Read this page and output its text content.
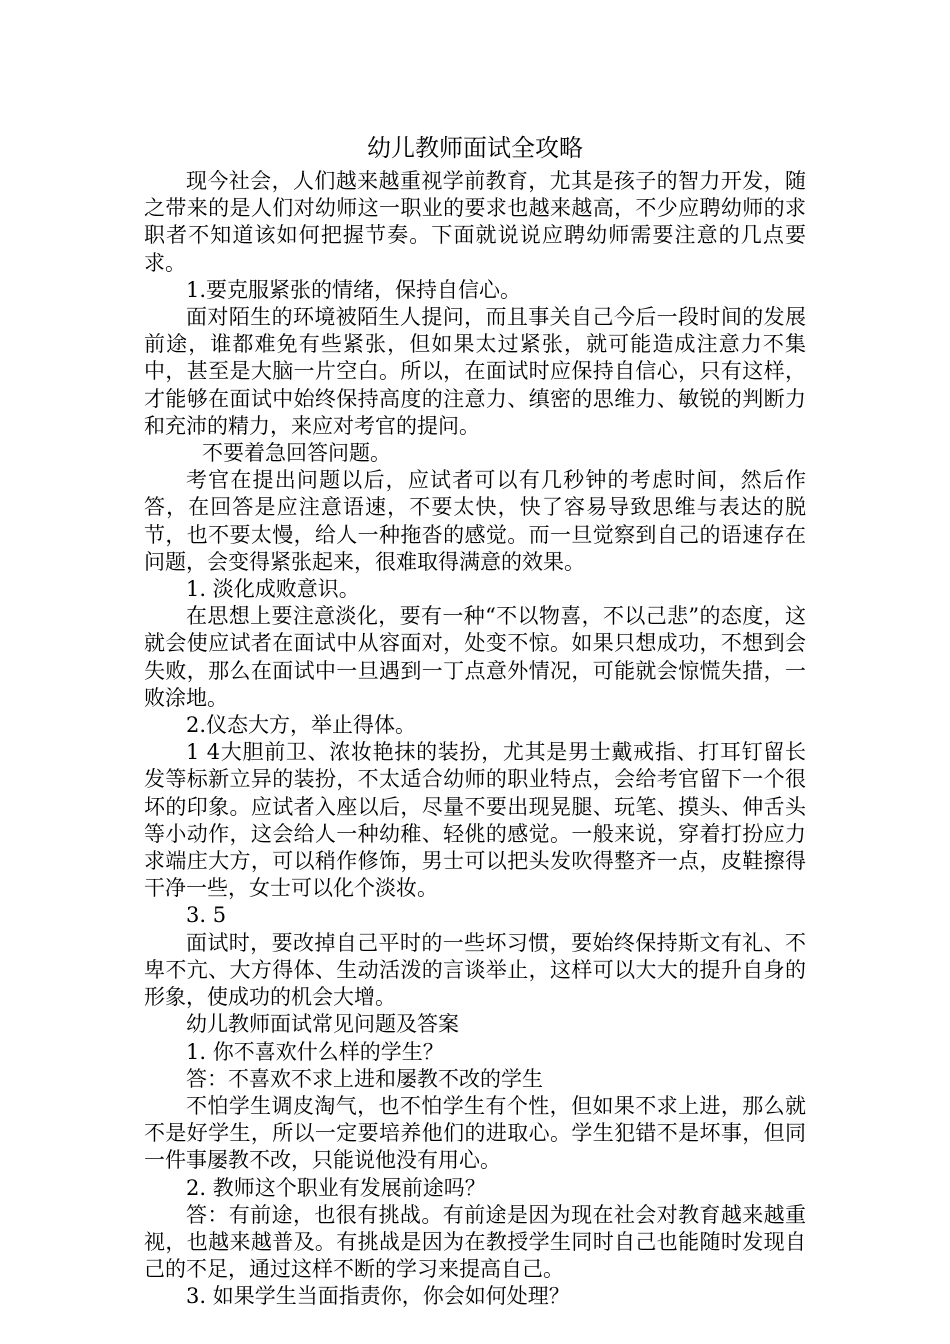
幼儿教师面试全攻略

现今社会，人们越来越重视学前教育，尤其是孩子的智力开发，随之带来的是人们对幼师这一职业的要求也越来越高，不少应聘幼师的求职者不知道该如何把握节奏。下面就说说应聘幼师需要注意的几点要求。

1.要克服紧张的情绪，保持自信心。

面对陌生的环境被陌生人提问，而且事关自己今后一段时间的发展前途，谁都难免有些紧张，但如果太过紧张，就可能造成注意力不集中，甚至是大脑一片空白。所以，在面试时应保持自信心，只有这样，才能够在面试中始终保持高度的注意力、缜密的思维力、敏锐的判断力和充沛的精力，来应对考官的提问。

不要着急回答问题。

考官在提出问题以后，应试者可以有几秒钟的考虑时间，然后作答，在回答是应注意语速，不要太快，快了容易导致思维与表达的脱节，也不要太慢，给人一种拖沓的感觉。而一旦觉察到自己的语速存在问题，会变得紧张起来，很难取得满意的效果。

1. 淡化成败意识。

在思想上要注意淡化，要有一种“不以物喜，不以己悲”的态度，这就会使应试者在面试中从容面对，处变不惊。如果只想成功，不想到会失败，那么在面试中一旦遇到一丁点意外情况，可能就会惊慌失措，一败涂地。

2.仪态大方，举止得体。

1 4大胆前卫、浓妆艳抹的装扮，尤其是男士戴戒指、打耳钉留长发等标新立异的装扮，不太适合幼师的职业特点，会给考官留下一个很坏的印象。应试者入座以后，尽量不要出现晃腿、玩笔、摸头、伸舌头等小动作，这会给人一种幼稚、轻佻的感觉。一般来说，穿着打扮应力求端庄大方，可以稍作修饰，男士可以把头发吹得整齐一点，皮鞋擦得干净一些，女士可以化个淡妆。

3. 5

面试时，要改掉自己平时的一些坏习惯，要始终保持斯文有礼、不卑不亢、大方得体、生动活泼的言谈举止，这样可以大大的提升自身的形象，使成功的机会大增。

幼儿教师面试常见问题及答案

1. 你不喜欢什么样的学生？

答：不喜欢不求上进和屡教不改的学生

不怕学生调皮淘气，也不怕学生有个性，但如果不求上进，那么就不是好学生，所以一定要培养他们的进取心。学生犯错不是坏事，但同一件事屡教不改，只能说他没有用心。

2. 教师这个职业有发展前途吗？

答：有前途，也很有挑战。有前途是因为现在社会对教育越来越重视，也越来越普及。有挑战是因为在教授学生同时自己也能随时发现自己的不足，通过这样不断的学习来提高自己。

3. 如果学生当面指责你，你会如何处理？
